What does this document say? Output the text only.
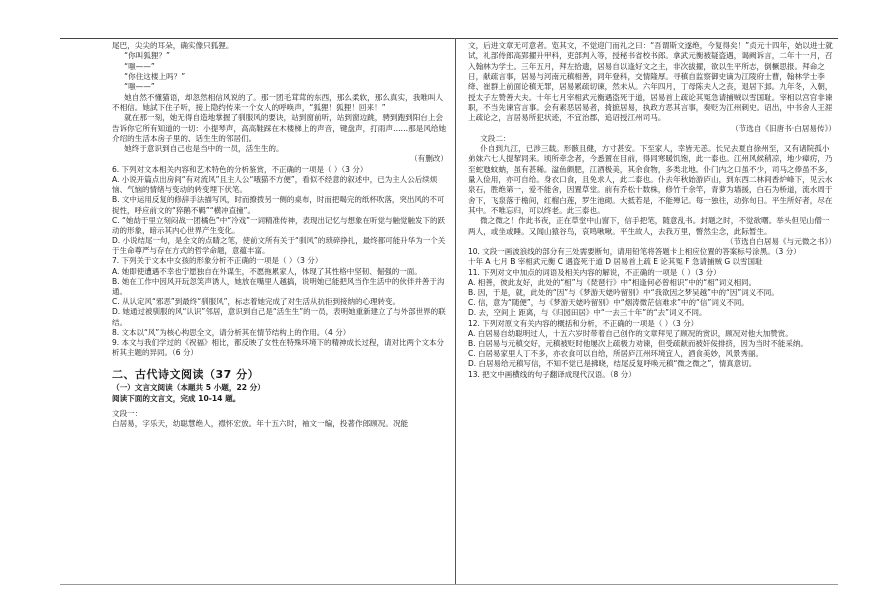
尾巴，尖尖的耳朵，确实像只狐狸。

“你叫狐狸？”

“嗤——”

“你住这楼上吗？”

“嗤——”

她自然不懂猫语，却忽然相信风说的了。那一团毛茸茸的东西，那么柔软，那么真实，我唯叫人不相信。她試下住子听，接上隐约传来一个女人的呼唤声，“狐狸！狐狸！回来！”

就在那一刻，她无得自造地掌握了驯服风的要诀，站到窗前听，站到窗边跳，骋到跑到阳台上会告诉你它所有知道的一切：小提琴声，高高鞋踩在木楼梯上的声音，键盘声，打雨声……那是风给她介绍的生活本房子里的、话生生的邻居们。

她终于意识到自己也是当中的一员，活生生的。

（有删改）

6. 下列对文本相关内容和艺术特色的分析鉴赏，不正确的一项是（ ）（3 分）

A. 小说开篇点出房间“有对流风”且主人公“哦猫不方便”，看似不经意的叙述中，已为主人公后续烦恼、气恼的情绪与变动的转变埋下伏笔。

B. 文中运用反复的修辞手法描写风，时而撩拨另一侧的桌布，时而把喝完的纸杯吹落，突出风的不可捉性，呼应前文的“猝鹅不羁”“横冲直撞”。

C. “她劼于里立刻闷战一团橘色”中“冷戏”一词精准传神，表现出记忆与想象在听觉与触觉触发下的跃动的形象，暗示其内心世界产生变化。

D. 小说结尾一句，是全文的点睛之笔，使前文所有关于“驯风”的琐碎挣扎，最终都可能升华为一个关于生命尊严与存在方式的哲学命题，意蕴丰富。

7. 下列关于文本中女孩的形象分析不正确的一项是（ ）（3 分）

A. 她即使遭遇不幸也宁愿独自在外谋生，不愿拖累家人，体现了其性格中坚韧、倔强的一面。

B. 她在工作中因风开玩忽笑声诱人，她放在嘴里人越搞，说明她已能把风当作生活中的伙伴并善于沟通。

C. 从认定风“邪恶”到最终“驯服风”，标志着她完成了对生活从抗拒到接纳的心理转变。

D. 她通过被驯服的风“认识”邻居，意识到自己是“活生生”的一员，表明她重新建立了与外部世界的联结。

8. 文本以“风”为核心构思全文，请分析其在情节结构上的作用。（4 分）

9. 本文与我们学过的《祝福》相比，都反映了女性在特殊环境下的精神成长过程，请对比两个文本分析其主题的异同。（6 分）

二、古代诗文阅读（37 分）

（一）文言文阅读（本题共 5 小题，22 分）

阅读下面的文言文，完成 10-14 题。

文段一：

白居易，字乐天，幼聪慧绝人，襟怀宏放。年十五六时，袖文一编，投著作郎顾况。况能

文，后进文章无可意者。览其文，不觉迎门而礼之曰：“吾谓斯文遂绝，今复得矣！”贞元十四年，始以进士就试，礼部侍郎高郢擢升甲科，吏部判入等，授秘书省校书郎。拿武元衡被疑盗遇，谒阙诉言，二年十一月，召入翰林为学士。三年五月，拜左拾遗，居易自以逢好文之主，非次拔擢，欲以生平所志，倒橛思报。拜命之日，献疏言事，居易与河南元稹相善，同年登科，交情隆厚。寻稹自监察御史谪为江陵府士曹，翰林学士李绛、崔群上前面论稹无罪，居易累疏切谏，然未从。六年四月，丁母陈夫人之丧，退居下邽。九年冬，入朝，授太子左赞善大夫。十年七月宰相武元衡遇盗死于道，居易首上疏论其冤急请捕贼以雪国耻。宰相以宫官非谏职，不当先谏官言事。会有素恶居易者，掎摭居易，执政方恶其言事，奏贬为江州刺史。诏出，中书舍人王涯上疏论之，言居易所犯状迹，不宜治郡，追诏授江州司马。

（节选自《旧唐书·白居易传》）

文段二：

仆自到九江，已涉三载。形骸且健，方寸甚安。下至家人，幸皆无恙。长兄去夏自徐州至，又有诸院孤小弟妹六七人提挈同来。顷所牵念者，今悉置在目前，得同寒暖饥饱，此一泰也。江州风候稍凉，地少瘴疠，乃至蛇虺蚊蚋，虽有甚稀。湓鱼颇肥，江酒极美，其余食物，多类北地。仆门内之口虽不少，司马之俸虽不多，量入俭用，亦可自给。身衣口食，且免求人，此二泰也。仆去年秋始游庐山，到东西二林间香炉峰下，见云水泉石，胜绝第一，爱不能舍，因置草堂。前有乔松十数株，修竹千余竿，青萝为墙援，白石为桥道，流水周于舍下，飞泉落于檐间，红榴白莲，罗生池砌。大抵若是，不能殚记。每一独往，动弥旬日。平生所好者，尽在其中。不唯忘归，可以终老。此三泰也。

微之微之！作此书夜，正在草堂中山窗下，信手把笔，随意乱书。封题之时，不觉欲曙。举头但见山僧一两人，或坐或睡。又闻山猿谷鸟，哀鸣啾啾。平生故人，去我万里，瞥然尘念，此际暂生。

（节选自白居易《与元微之书》）

10. 文段一画波浪线的部分有三处需要断句，请用铅笔将答题卡上相应位置的答案标号涂黑。（3 分）

十年 A 七月 B 宰相武元衡 C 遇盗死于道 D 居易首上疏 E 论其冤 F 急请捕贼 G 以雪国耻

11. 下列对文中加点的词语及相关内容的解说，不正确的一项是（ ）（3 分）

A. 相善，彼此友好，此处的“相”与《琵琶行》中“相逢何必曾相识”中的“相”词义相同。

B. 因，于是，就，此处的“因”与《梦游天姥吟留别》中“我欲因之梦吴越”中的“因”词义不同。

C. 信，意为“随便”，与《梦游天姥吟留别》中“烟涛微茫信难求”中的“信”词义不同。

D. 去，空间上 距离，与《归园田居》中“一去三十年”的“去”词义不同。

12. 下列对原文有关内容的概括和分析，不正确的一项是（ ）（3 分）

A. 白居易自幼聪明过人，十五六岁时带着自己创作的文章拜见了顾况的赏识，顾况对他大加赞赏。

B. 白居易与元稹交好，元稹被贬时他屡次上疏极力劝谏，但受疏献而被奸佞排挤，因为当时不能采纳。

C. 白居易家里人丁不多，亦衣食可以自给，所居庐江州环境宜人，酒食美妙，风景秀丽。

D. 白居易给元稹写信，不知不觉已是拂晓，结尾反复呼唤元稹“微之微之”，情真意切。

13. 把文中画横线的句子翻译成现代汉语。（8 分）
